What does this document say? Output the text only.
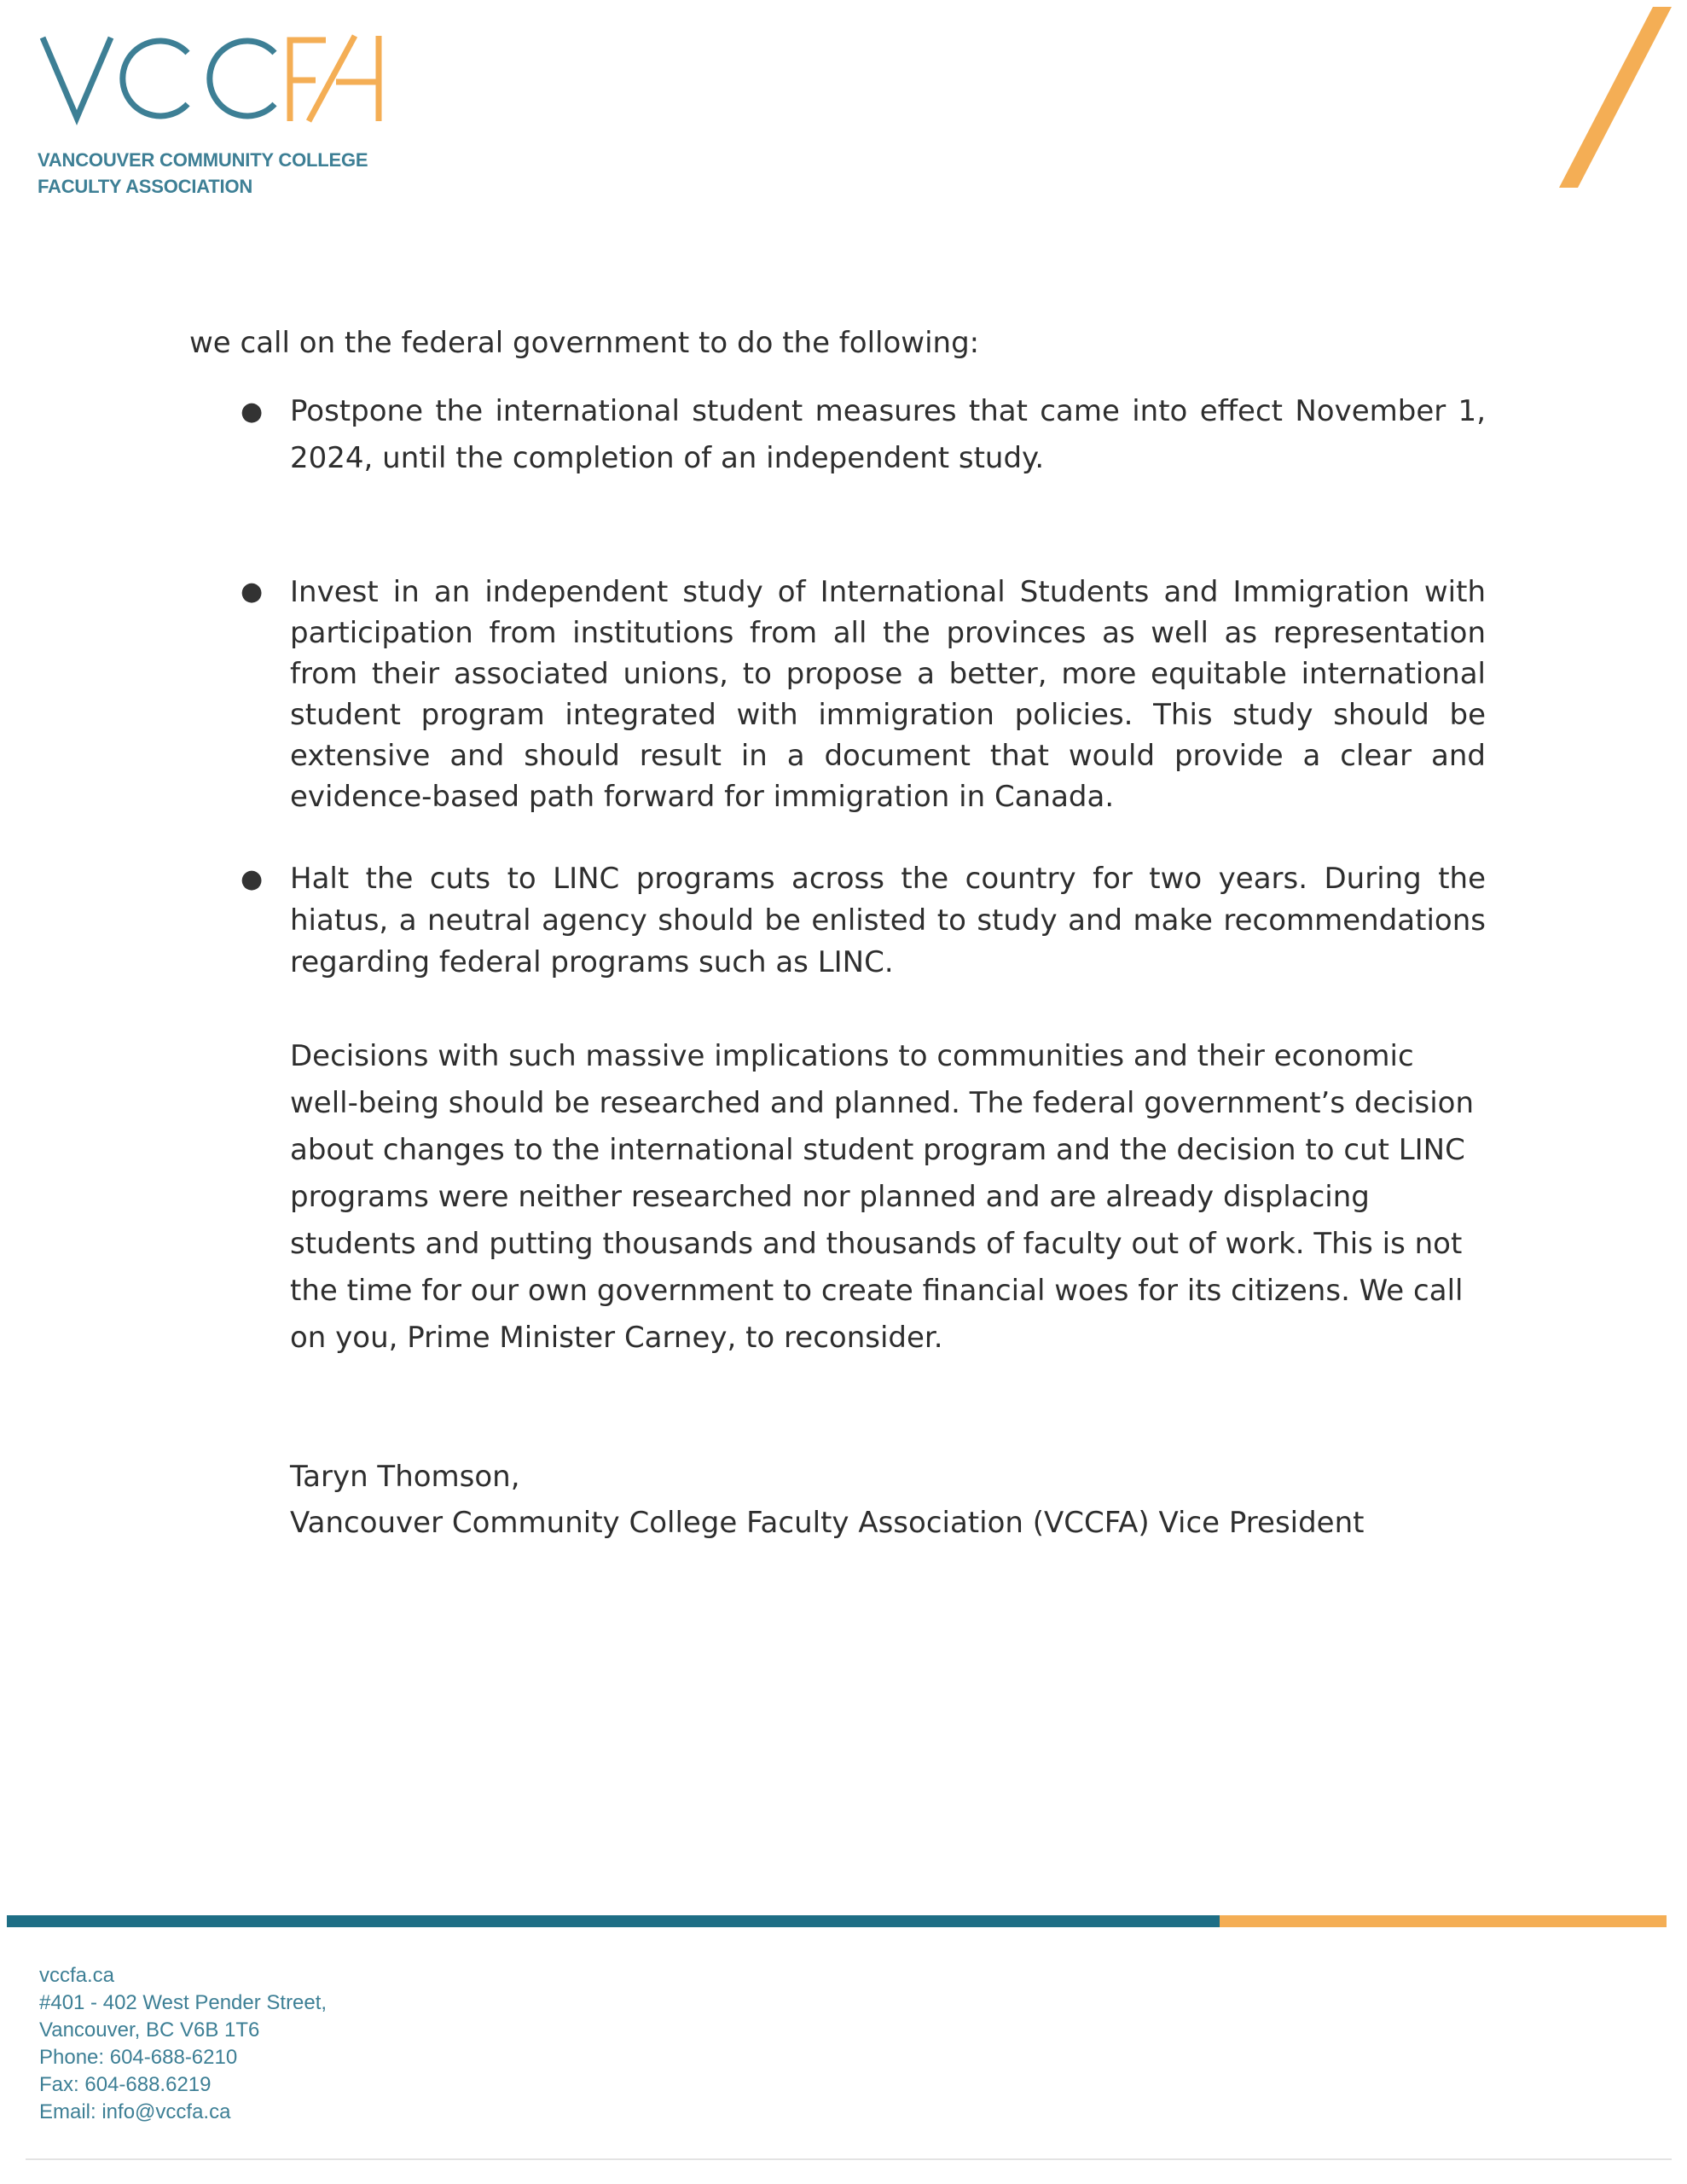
VANCOUVER COMMUNITY COLLEGE
FACULTY ASSOCIATION

we call on the federal government to do the following:

● Postpone the international student measures that came into effect November 1, 2024, until the completion of an independent study.
● Invest in an independent study of International Students and Immigration with participation from institutions from all the provinces as well as representation from their associated unions, to propose a better, more equitable international student program integrated with immigration policies. This study should be extensive and should result in a document that would provide a clear and evidence-based path forward for immigration in Canada.
● Halt the cuts to LINC programs across the country for two years. During the hiatus, a neutral agency should be enlisted to study and make recommendations regarding federal programs such as LINC.

Decisions with such massive implications to communities and their economic well-being should be researched and planned. The federal government’s decision about changes to the international student program and the decision to cut LINC programs were neither researched nor planned and are already displacing students and putting thousands and thousands of faculty out of work. This is not the time for our own government to create financial woes for its citizens. We call on you, Prime Minister Carney, to reconsider.

Taryn Thomson,
Vancouver Community College Faculty Association (VCCFA) Vice President
vccfa.ca
#401 - 402 West Pender Street,
Vancouver, BC V6B 1T6
Phone: 604-688-6210
Fax: 604-688.6219
Email: info@vccfa.ca
